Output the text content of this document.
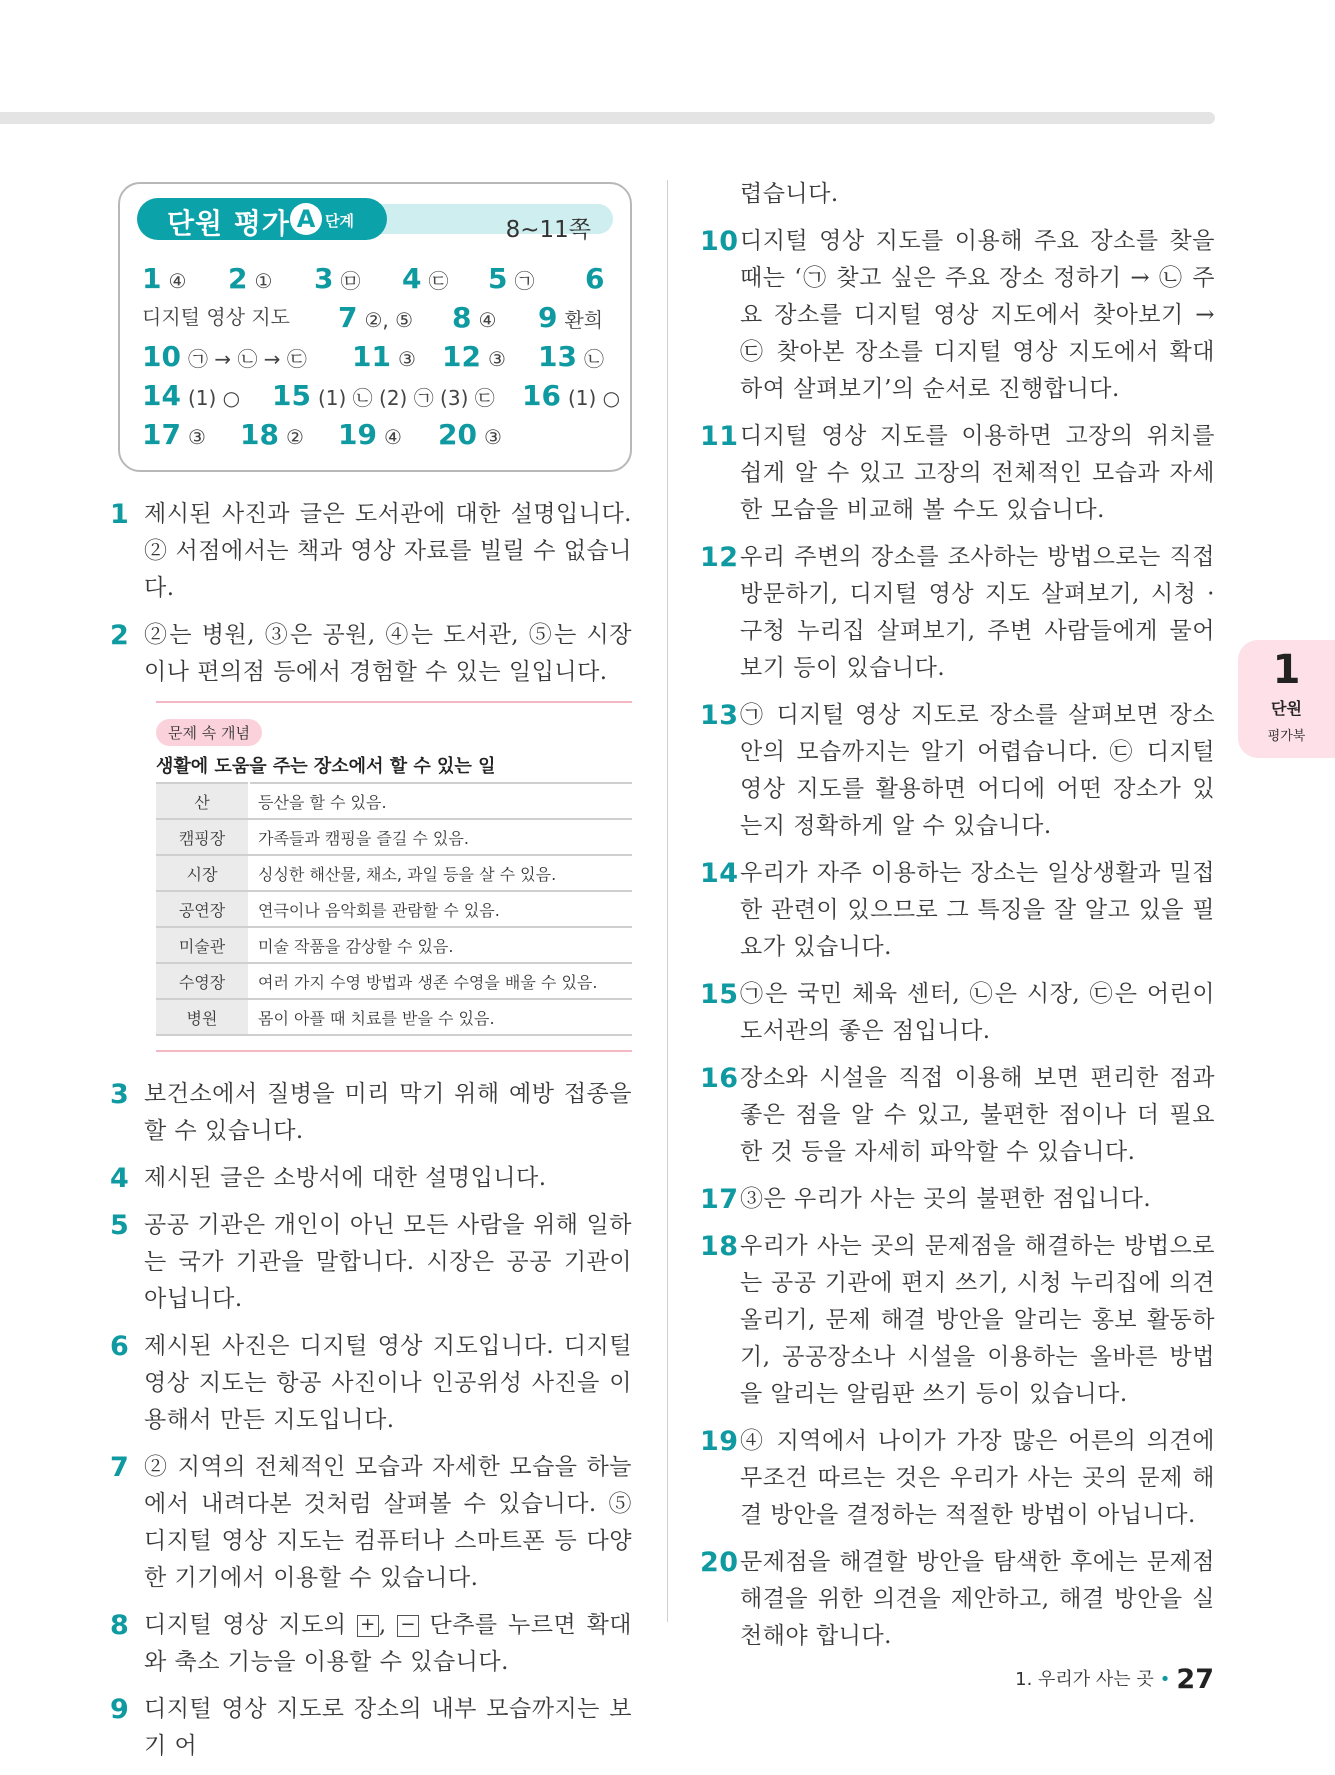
8~11쪽
단원 평가 A 단계
1 ④ 2 ① 3 ㉤ 4 ㉢ 5 ㉠ 6
디지털 영상 지도 7 ②, ⑤ 8 ④ 9 환희
10 ㉠ → ㉡ → ㉢ 11 ③ 12 ③ 13 ㉡
14 (1) ○ 15 (1) ㉡ (2) ㉠ (3) ㉢ 16 (1) ○
17 ③ 18 ② 19 ④ 20 ③
1 제시된 사진과 글은 도서관에 대한 설명입니다. ② 서점에서는 책과 영상 자료를 빌릴 수 없습니다.
2 ②는 병원, ③은 공원, ④는 도서관, ⑤는 시장이나 편의점 등에서 경험할 수 있는 일입니다.
문제 속 개념
생활에 도움을 주는 장소에서 할 수 있는 일
산	등산을 할 수 있음.
캠핑장	가족들과 캠핑을 즐길 수 있음.
시장	싱싱한 해산물, 채소, 과일 등을 살 수 있음.
공연장	연극이나 음악회를 관람할 수 있음.
미술관	미술 작품을 감상할 수 있음.
수영장	여러 가지 수영 방법과 생존 수영을 배울 수 있음.
병원	몸이 아플 때 치료를 받을 수 있음.
3 보건소에서 질병을 미리 막기 위해 예방 접종을 할 수 있습니다.
4 제시된 글은 소방서에 대한 설명입니다.
5 공공 기관은 개인이 아닌 모든 사람을 위해 일하는 국가 기관을 말합니다. 시장은 공공 기관이 아닙니다.
6 제시된 사진은 디지털 영상 지도입니다. 디지털 영상 지도는 항공 사진이나 인공위성 사진을 이용해서 만든 지도입니다.
7 ② 지역의 전체적인 모습과 자세한 모습을 하늘에서 내려다본 것처럼 살펴볼 수 있습니다. ⑤ 디지털 영상 지도는 컴퓨터나 스마트폰 등 다양한 기기에서 이용할 수 있습니다.
8 디지털 영상 지도의 + , − 단추를 누르면 확대와 축소 기능을 이용할 수 있습니다.
9 디지털 영상 지도로 장소의 내부 모습까지는 보기 어
렵습니다.
10 디지털 영상 지도를 이용해 주요 장소를 찾을 때는 ‘㉠ 찾고 싶은 주요 장소 정하기 → ㉡ 주요 장소를 디지털 영상 지도에서 찾아보기 → ㉢ 찾아본 장소를 디지털 영상 지도에서 확대하여 살펴보기’의 순서로 진행합니다.
11 디지털 영상 지도를 이용하면 고장의 위치를 쉽게 알 수 있고 고장의 전체적인 모습과 자세한 모습을 비교해 볼 수도 있습니다.
12 우리 주변의 장소를 조사하는 방법으로는 직접 방문하기, 디지털 영상 지도 살펴보기, 시청 · 구청 누리집 살펴보기, 주변 사람들에게 물어보기 등이 있습니다.
13 ㉠ 디지털 영상 지도로 장소를 살펴보면 장소 안의 모습까지는 알기 어렵습니다. ㉢ 디지털 영상 지도를 활용하면 어디에 어떤 장소가 있는지 정확하게 알 수 있습니다.
14 우리가 자주 이용하는 장소는 일상생활과 밀접한 관련이 있으므로 그 특징을 잘 알고 있을 필요가 있습니다.
15 ㉠은 국민 체육 센터, ㉡은 시장, ㉢은 어린이 도서관의 좋은 점입니다.
16 장소와 시설을 직접 이용해 보면 편리한 점과 좋은 점을 알 수 있고, 불편한 점이나 더 필요한 것 등을 자세히 파악할 수 있습니다.
17 ③은 우리가 사는 곳의 불편한 점입니다.
18 우리가 사는 곳의 문제점을 해결하는 방법으로는 공공 기관에 편지 쓰기, 시청 누리집에 의견 올리기, 문제 해결 방안을 알리는 홍보 활동하기, 공공장소나 시설을 이용하는 올바른 방법을 알리는 알림판 쓰기 등이 있습니다.
19 ④ 지역에서 나이가 가장 많은 어른의 의견에 무조건 따르는 것은 우리가 사는 곳의 문제 해결 방안을 결정하는 적절한 방법이 아닙니다.
20 문제점을 해결할 방안을 탐색한 후에는 문제점 해결을 위한 의견을 제안하고, 해결 방안을 실천해야 합니다.
1
단원
평가북
1. 우리가 사는 곳 • 27
